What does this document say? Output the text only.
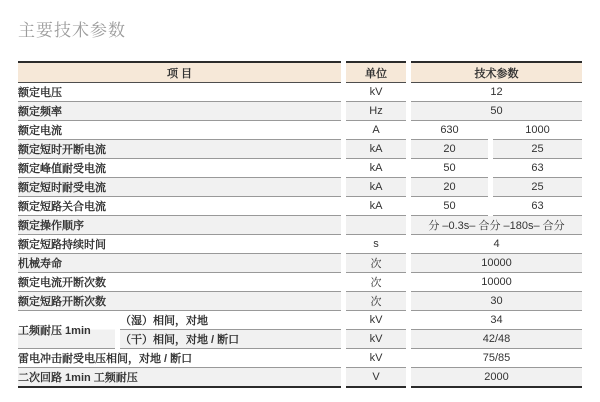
主要技术参数
项 目		单位	技术参数	
额定电压		kV	12	
额定频率		Hz	50	
额定电流		A	630	1000
额定短时开断电流		kA	20	25
额定峰值耐受电流		kA	50	63
额定短时耐受电流		kA	20	25
额定短路关合电流		kA	50	63
额定操作顺序			分 –0.3s– 合分 –180s– 合分	
额定短路持续时间		s	4	
机械寿命		次	10000	
额定电流开断次数		次	10000	
额定短路开断次数		次	30	
工频耐压 1min	（湿）相间，对地	kV	34	
	（干）相间，对地 / 断口	kV	42/48	
雷电冲击耐受电压相间，对地 / 断口		kV	75/85	
二次回路 1min 工频耐压		V	2000	
